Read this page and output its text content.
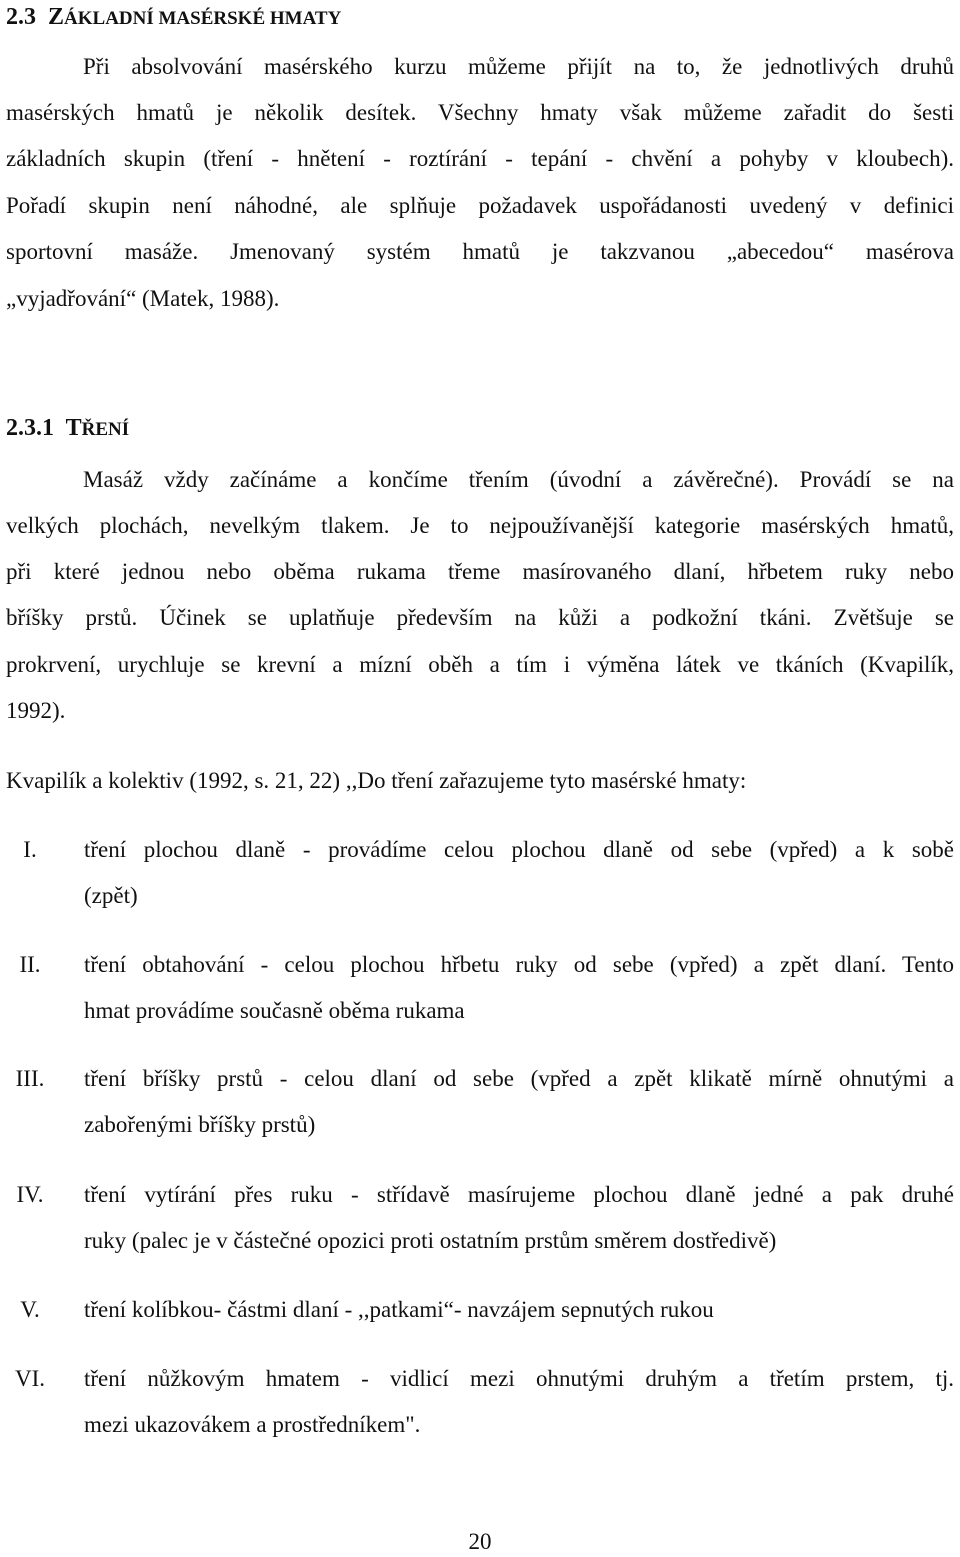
2.3 ZÁKLADNÍ MASÉRSKÉ HMATY
Při absolvování masérského kurzu můžeme přijít na to, že jednotlivých druhů
masérských hmatů je několik desítek. Všechny hmaty však můžeme zařadit do šesti
základních skupin (tření - hnětení - roztírání - tepání - chvění a pohyby v kloubech).
Pořadí skupin není náhodné, ale splňuje požadavek uspořádanosti uvedený v definici
sportovní masáže. Jmenovaný systém hmatů je takzvanou „abecedou“ masérova
„vyjadřování“ (Matek, 1988).
2.3.1 TŘENÍ
Masáž vždy začínáme a končíme třením (úvodní a závěrečné). Provádí se na
velkých plochách, nevelkým tlakem. Je to nejpoužívanější kategorie masérských hmatů,
při které jednou nebo oběma rukama třeme masírovaného dlaní, hřbetem ruky nebo
bříšky prstů. Účinek se uplatňuje především na kůži a podkožní tkáni. Zvětšuje se
prokrvení, urychluje se krevní a mízní oběh a tím i výměna látek ve tkáních (Kvapilík,
1992).
Kvapilík a kolektiv (1992, s. 21, 22) ,,Do tření zařazujeme tyto masérské hmaty:
I.	tření plochou dlaně - provádíme celou plochou dlaně od sebe (vpřed) a k sobě
(zpět)
II.	tření obtahování - celou plochou hřbetu ruky od sebe (vpřed) a zpět dlaní. Tento
hmat provádíme současně oběma rukama
III.	tření bříšky prstů - celou dlaní od sebe (vpřed a zpět klikatě mírně ohnutými a
zabořenými bříšky prstů)
IV.	tření vytírání přes ruku - střídavě masírujeme plochou dlaně jedné a pak druhé
ruky (palec je v částečné opozici proti ostatním prstům směrem dostředivě)
V.	tření kolíbkou- částmi dlaní - ,,patkami“- navzájem sepnutých rukou
VI.	tření nůžkovým hmatem - vidlicí mezi ohnutými druhým a třetím prstem, tj.
mezi ukazovákem a prostředníkem".
20
